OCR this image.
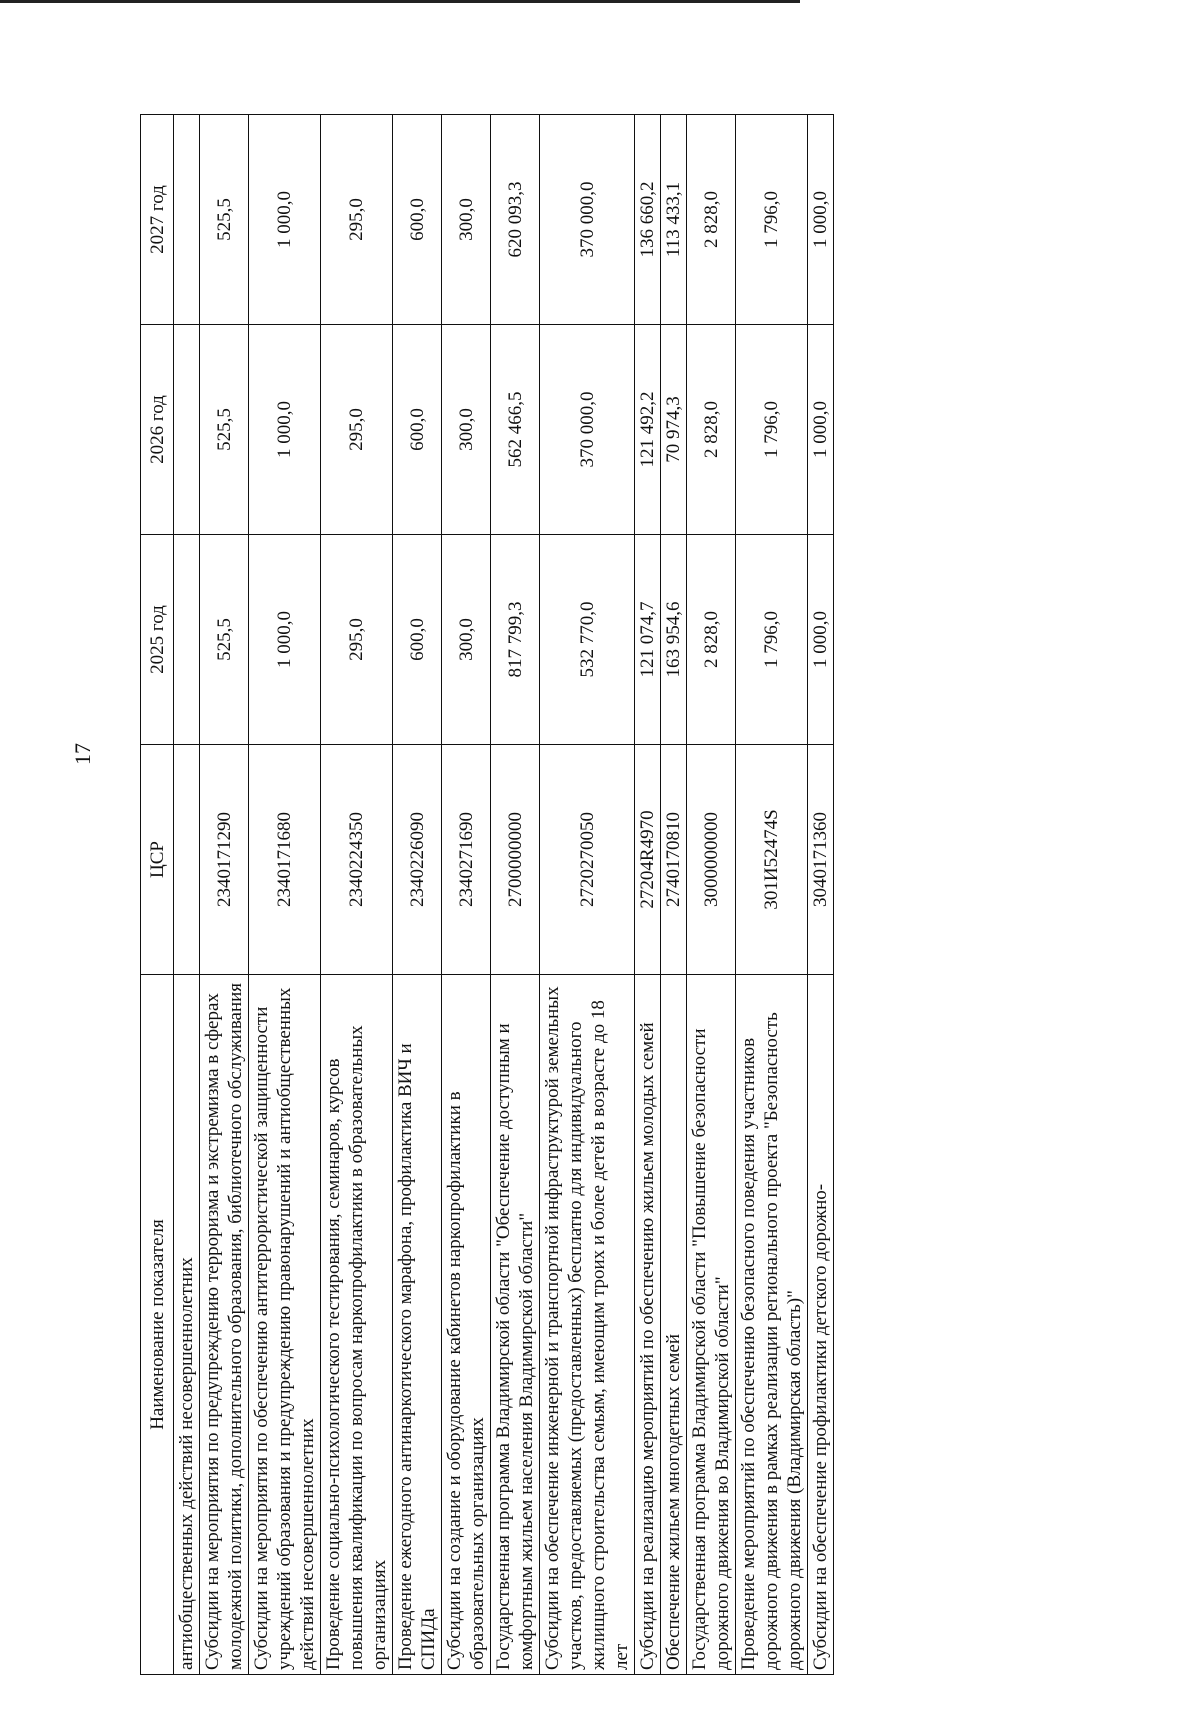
17
Наименование показателя	ЦСР	2025 год	2026 год	2027 год
антиобщественных действий несовершеннолетних				
Субсидии на мероприятия по предупреждению терроризма и экстремизма в сферах молодежной политики, дополнительного образования, библиотечного обслуживания	2340171290	525,5	525,5	525,5
Субсидии на мероприятия по обеспечению антитеррористической защищенности учреждений образования и предупреждению правонарушений и антиобщественных действий несовершеннолетних	2340171680	1 000,0	1 000,0	1 000,0
Проведение социально-психологического тестирования, семинаров, курсов повышения квалификации по вопросам наркопрофилактики в образовательных организациях	2340224350	295,0	295,0	295,0
Проведение ежегодного антинаркотического марафона, профилактика ВИЧ и СПИДа	2340226090	600,0	600,0	600,0
Субсидии на создание и оборудование кабинетов наркопрофилактики в образовательных организациях	2340271690	300,0	300,0	300,0
Государственная программа Владимирской области "Обеспечение доступным и комфортным жильем населения Владимирской области"	2700000000	817 799,3	562 466,5	620 093,3
Субсидии на обеспечение инженерной и транспортной инфраструктурой земельных участков, предоставляемых (предоставленных) бесплатно для индивидуального жилищного строительства семьям, имеющим троих и более детей в возрасте до 18 лет	2720270050	532 770,0	370 000,0	370 000,0
Субсидии на реализацию мероприятий по обеспечению жильем молодых семей	27204R4970	121 074,7	121 492,2	136 660,2
Обеспечение жильем многодетных семей	2740170810	163 954,6	70 974,3	113 433,1
Государственная программа Владимирской области "Повышение безопасности дорожного движения во Владимирской области"	3000000000	2 828,0	2 828,0	2 828,0
Проведение мероприятий по обеспечению безопасного поведения участников дорожного движения в рамках реализации регионального проекта "Безопасность дорожного движения (Владимирская область)"	301И52474S	1 796,0	1 796,0	1 796,0
Субсидии на обеспечение профилактики детского дорожно-	3040171360	1 000,0	1 000,0	1 000,0
